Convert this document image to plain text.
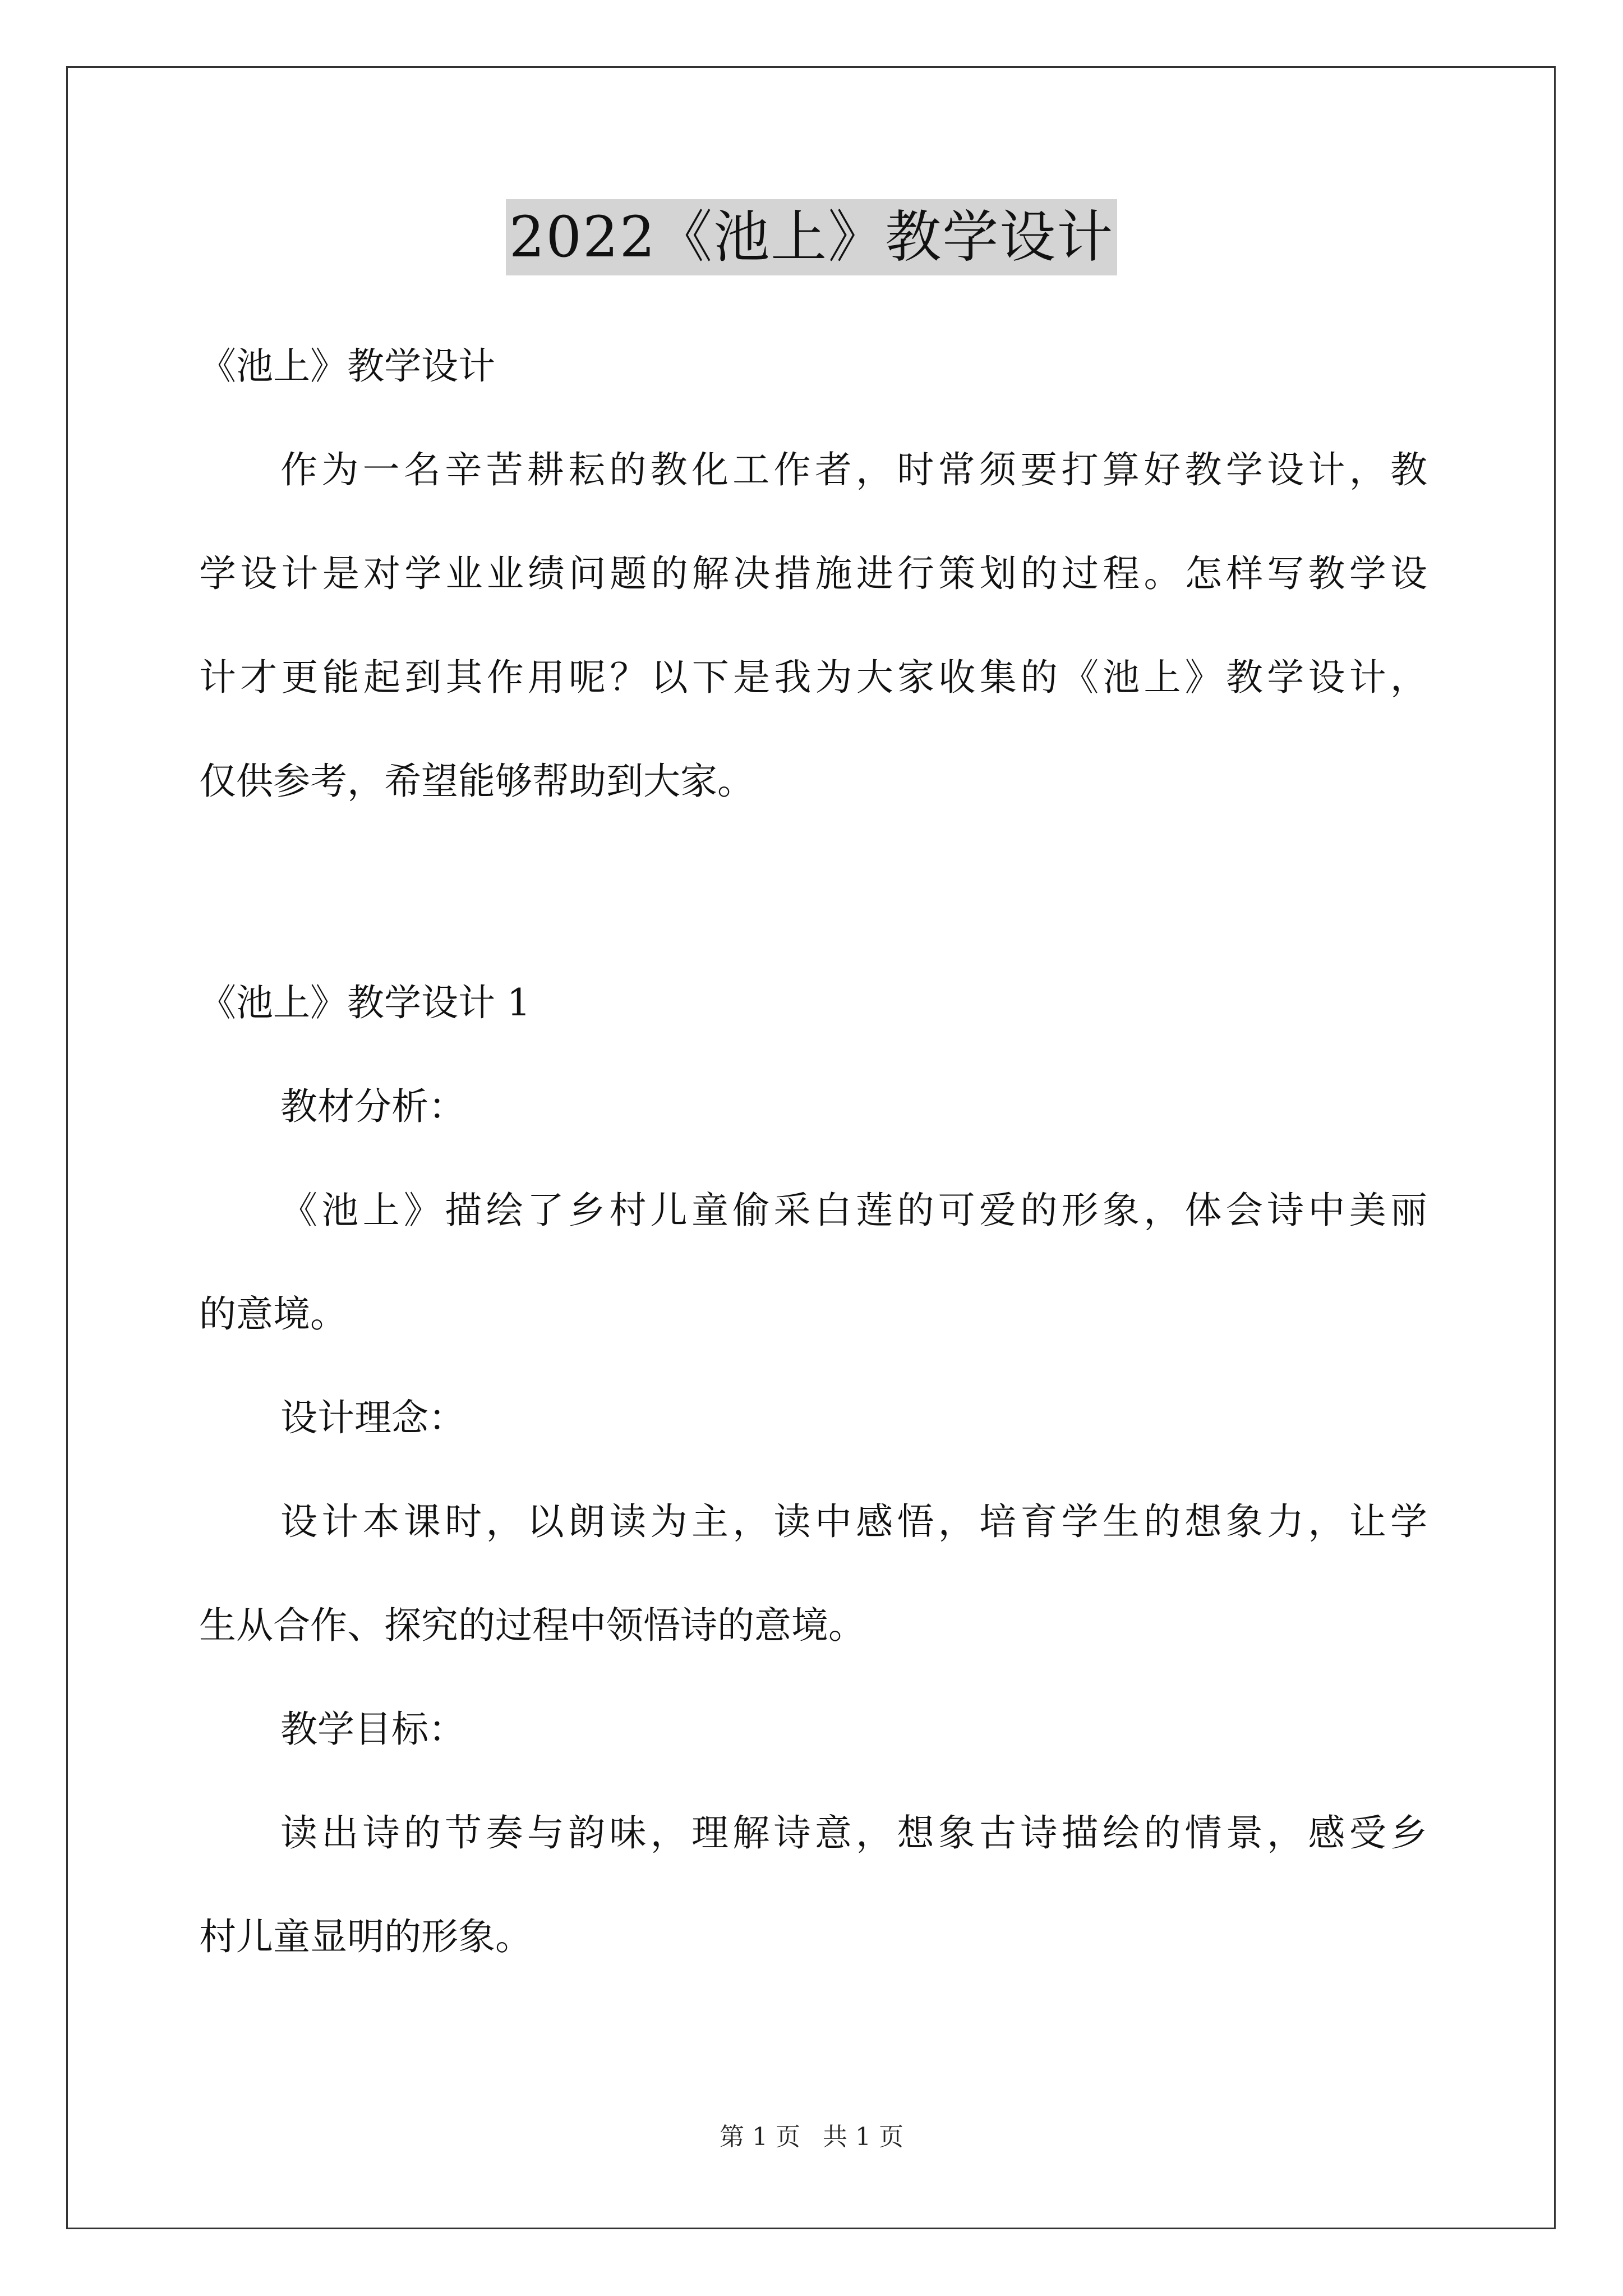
2022《池上》教学设计
《池上》教学设计
作为一名辛苦耕耘的教化工作者，时常须要打算好教学设计，教
学设计是对学业业绩问题的解决措施进行策划的过程。怎样写教学设
计才更能起到其作用呢？以下是我为大家收集的《池上》教学设计，
仅供参考，希望能够帮助到大家。
《池上》教学设计 1
教材分析：
《池上》描绘了乡村儿童偷采白莲的可爱的形象，体会诗中美丽
的意境。
设计理念：
设计本课时，以朗读为主，读中感悟，培育学生的想象力，让学
生从合作、探究的过程中领悟诗的意境。
教学目标：
读出诗的节奏与韵味，理解诗意，想象古诗描绘的情景，感受乡
村儿童显明的形象。
第 1 页 共 1 页
